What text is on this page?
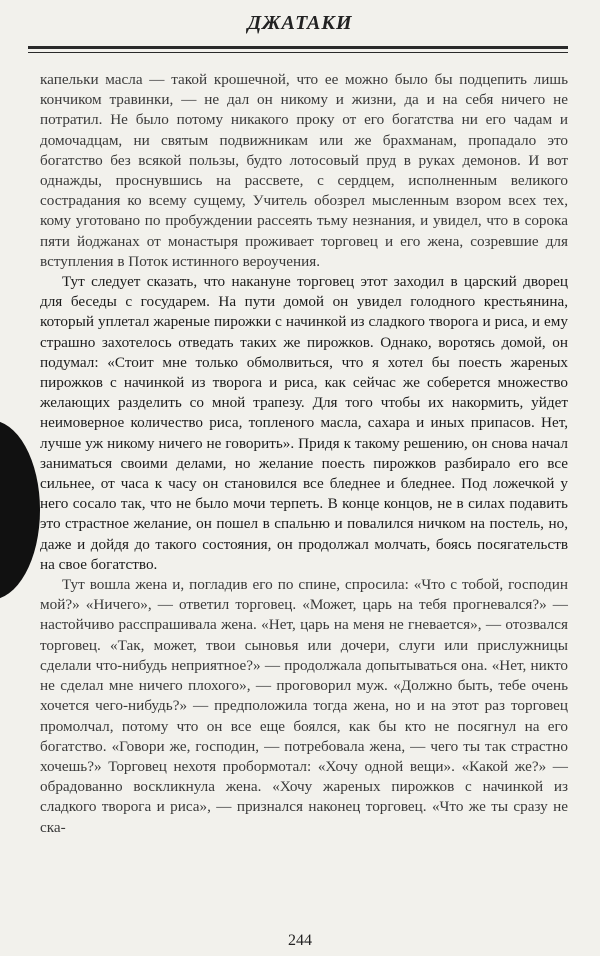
ДЖАТАКИ

капельки масла — такой крошечной, что ее можно было бы подцепить лишь кончиком травинки, — не дал он никому и жизни, да и на себя ничего не потратил. Не было потому никакого проку от его богатства ни его чадам и домочадцам, ни святым подвижникам или же брахманам, пропадало это богатство без всякой пользы, будто лотосовый пруд в руках демонов. И вот однажды, проснувшись на рассвете, с сердцем, исполненным великого сострадания ко всему сущему, Учитель обозрел мысленным взором всех тех, кому уготовано по пробуждении рассеять тьму незнания, и увидел, что в сорока пяти йоджанах от монастыря проживает торговец и его жена, созревшие для вступления в Поток истинного вероучения.

Тут следует сказать, что накануне торговец этот заходил в царский дворец для беседы с государем. На пути домой он увидел голодного крестьянина, который уплетал жареные пирожки с начинкой из сладкого творога и риса, и ему страшно захотелось отведать таких же пирожков. Однако, воротясь домой, он подумал: «Стоит мне только обмолвиться, что я хотел бы поесть жареных пирожков с начинкой из творога и риса, как сейчас же соберется множество желающих разделить со мной трапезу. Для того чтобы их накормить, уйдет неимоверное количество риса, топленого масла, сахара и иных припасов. Нет, лучше уж никому ничего не говорить». Придя к такому решению, он снова начал заниматься своими делами, но желание поесть пирожков разбирало его все сильнее, от часа к часу он становился все бледнее и бледнее. Под ложечкой у него сосало так, что не было мочи терпеть. В конце концов, не в силах подавить это страстное желание, он пошел в спальню и повалился ничком на постель, но, даже и дойдя до такого состояния, он продолжал молчать, боясь посягательств на свое богатство.

Тут вошла жена и, погладив его по спине, спросила: «Что с тобой, господин мой?» «Ничего», — ответил торговец. «Может, царь на тебя прогневался?» — настойчиво расспрашивала жена. «Нет, царь на меня не гневается», — отозвался торговец. «Так, может, твои сыновья или дочери, слуги или прислужницы сделали что-нибудь неприятное?» — продолжала допытываться она. «Нет, никто не сделал мне ничего плохого», — проговорил муж. «Должно быть, тебе очень хочется чего-нибудь?» — предположила тогда жена, но и на этот раз торговец промолчал, потому что он все еще боялся, как бы кто не посягнул на его богатство. «Говори же, господин, — потребовала жена, — чего ты так страстно хочешь?» Торговец нехотя пробормотал: «Хочу одной вещи». «Какой же?» — обрадованно воскликнула жена. «Хочу жареных пирожков с начинкой из сладкого творога и риса», — признался наконец торговец. «Что же ты сразу не ска-

244
